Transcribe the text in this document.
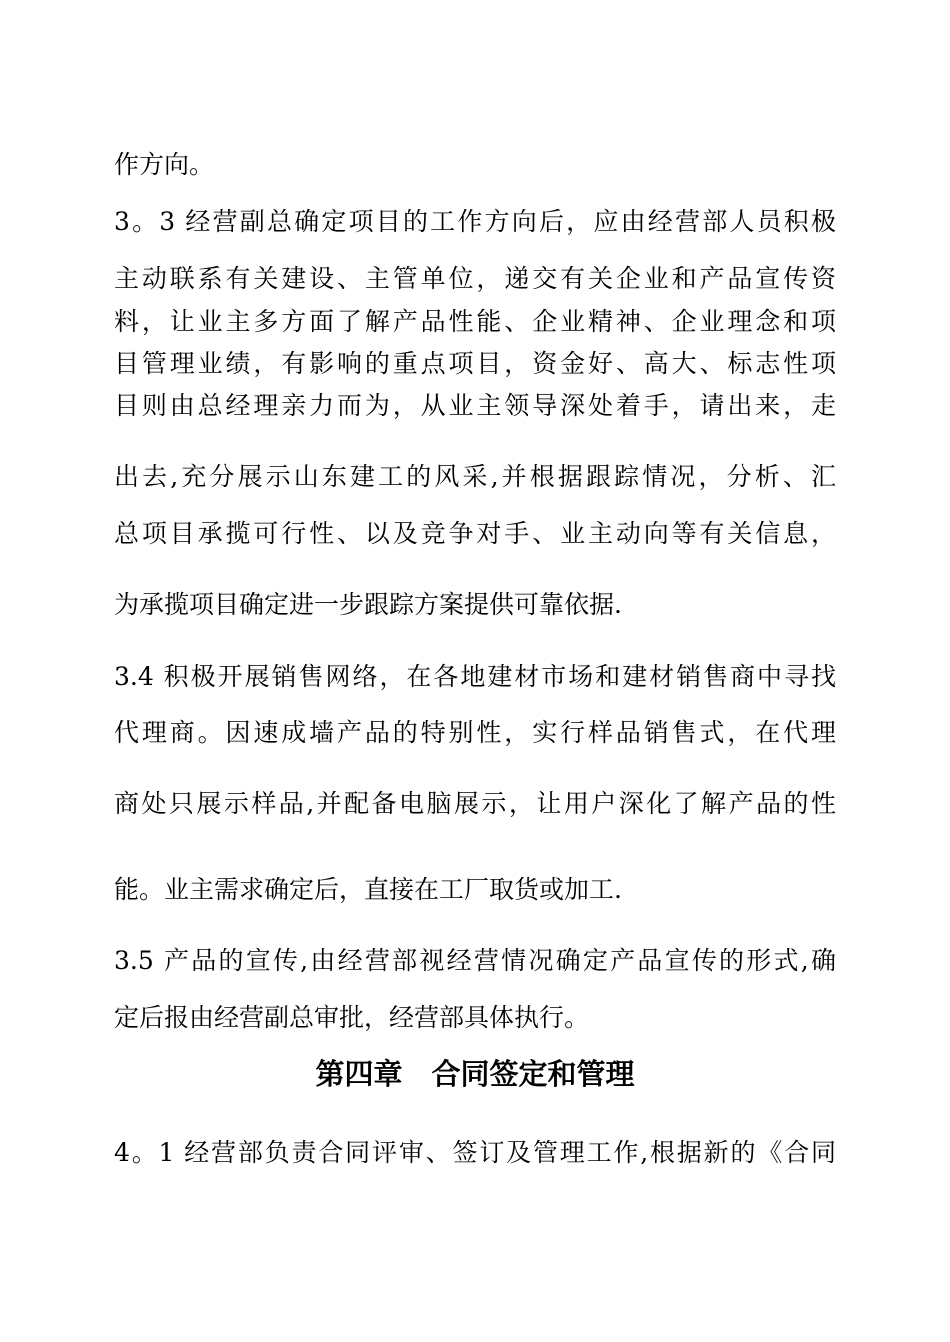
作方向。
3。3 经营副总确定项目的工作方向后，应由经营部人员积极
主动联系有关建设、主管单位，递交有关企业和产品宣传资
料，让业主多方面了解产品性能、企业精神、企业理念和项
目管理业绩，有影响的重点项目，资金好、高大、标志性项
目则由总经理亲力而为，从业主领导深处着手，请出来，走
出去,充分展示山东建工的风采,并根据跟踪情况，分析、汇
总项目承揽可行性、以及竞争对手、业主动向等有关信息，
为承揽项目确定进一步跟踪方案提供可靠依据.
3.4 积极开展销售网络，在各地建材市场和建材销售商中寻找
代理商。因速成墙产品的特别性，实行样品销售式，在代理
商处只展示样品,并配备电脑展示，让用户深化了解产品的性
能。业主需求确定后，直接在工厂取货或加工.
3.5 产品的宣传,由经营部视经营情况确定产品宣传的形式,确
定后报由经营副总审批，经营部具体执行。
第四章　合同签定和管理
4。1 经营部负责合同评审、签订及管理工作,根据新的《合同
